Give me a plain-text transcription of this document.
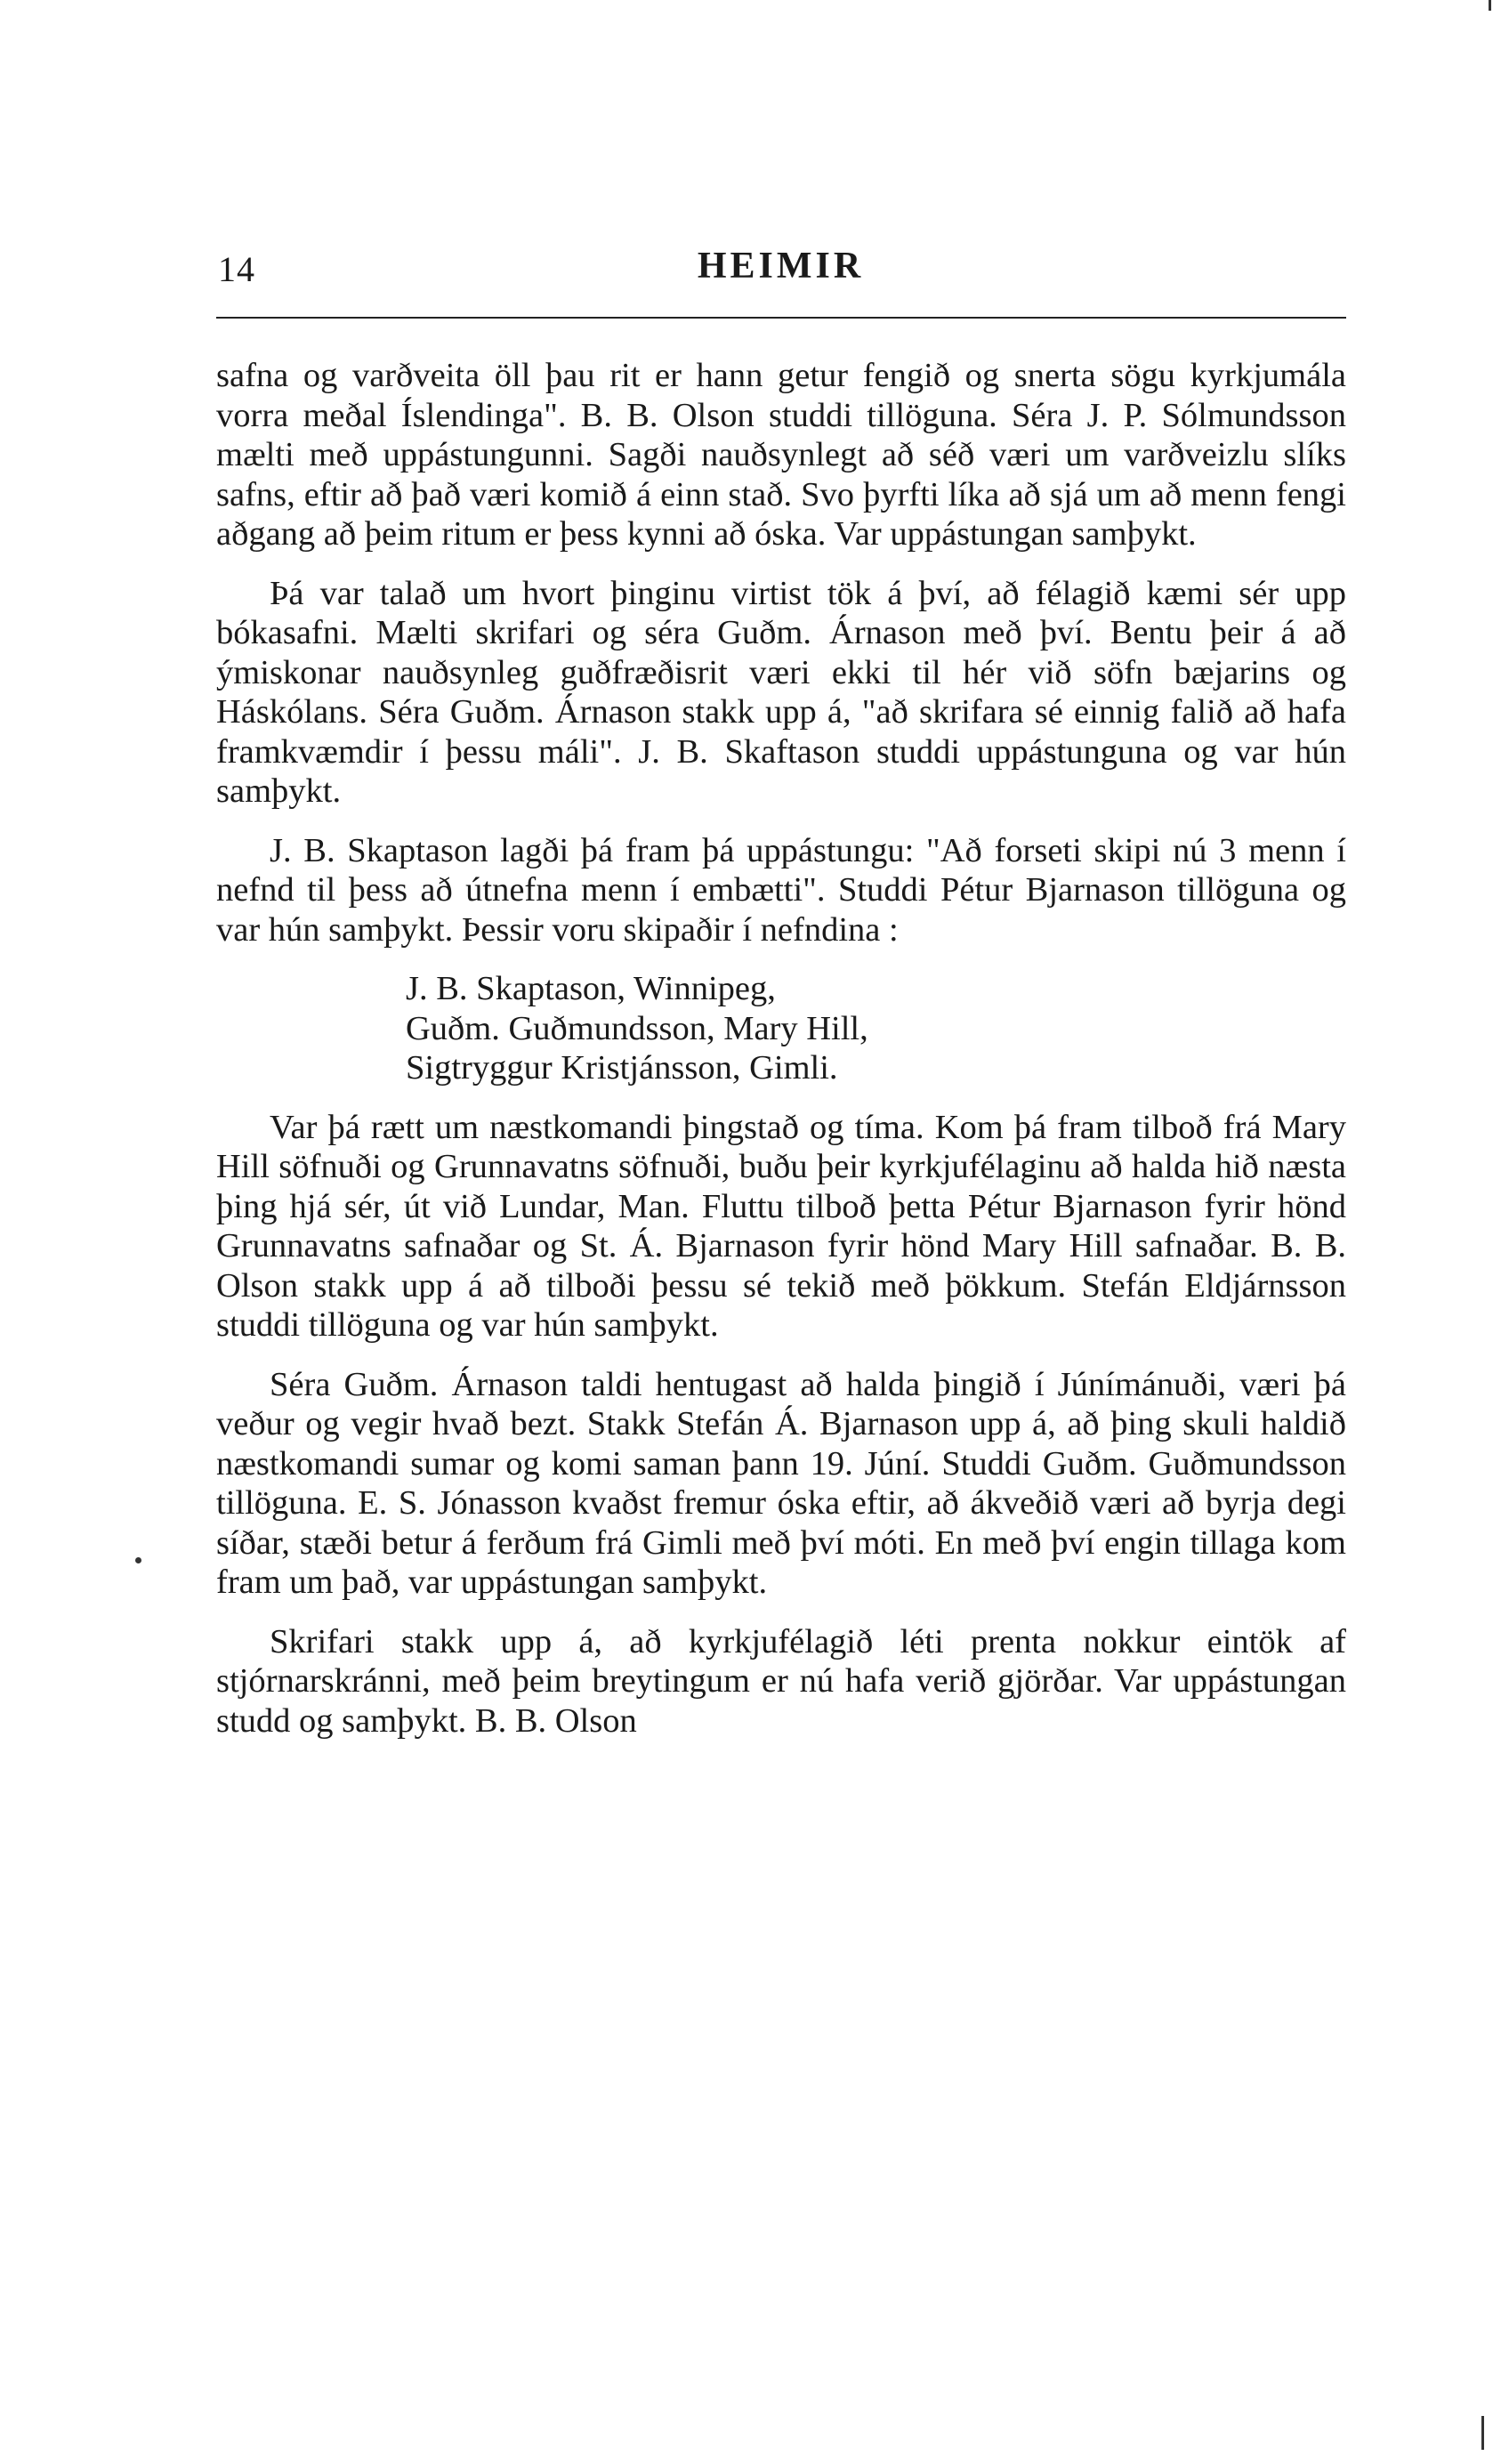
14	HEIMIR

safna og varðveita öll þau rit er hann getur fengið og snerta sögu kyrkjumála vorra meðal Íslendinga". B. B. Olson studdi tillöguna. Séra J. P. Sólmundsson mælti með uppástungunni. Sagði nauðsynlegt að séð væri um varðveizlu slíks safns, eftir að það væri komið á einn stað. Svo þyrfti líka að sjá um að menn fengi aðgang að þeim ritum er þess kynni að óska. Var uppástungan samþykt.

Þá var talað um hvort þinginu virtist tök á því, að félagið kæmi sér upp bókasafni. Mælti skrifari og séra Guðm. Árnason með því. Bentu þeir á að ýmiskonar nauðsynleg guðfræðisrit væri ekki til hér við söfn bæjarins og Háskólans. Séra Guðm. Árnason stakk upp á, "að skrifara sé einnig falið að hafa framkvæmdir í þessu máli". J. B. Skaftason studdi uppástunguna og var hún samþykt.

J. B. Skaptason lagði þá fram þá uppástungu: "Að forseti skipi nú 3 menn í nefnd til þess að útnefna menn í embætti". Studdi Pétur Bjarnason tillöguna og var hún samþykt. Þessir voru skipaðir í nefndina :

J. B. Skaptason, Winnipeg,
Guðm. Guðmundsson, Mary Hill,
Sigtryggur Kristjánsson, Gimli.

Var þá rætt um næstkomandi þingstað og tíma. Kom þá fram tilboð frá Mary Hill söfnuði og Grunnavatns söfnuði, buðu þeir kyrkjufélaginu að halda hið næsta þing hjá sér, út við Lundar, Man. Fluttu tilboð þetta Pétur Bjarnason fyrir hönd Grunnavatns safnaðar og St. Á. Bjarnason fyrir hönd Mary Hill safnaðar. B. B. Olson stakk upp á að tilboði þessu sé tekið með þökkum. Stefán Eldjárnsson studdi tillöguna og var hún samþykt.

Séra Guðm. Árnason taldi hentugast að halda þingið í Júnímánuði, væri þá veður og vegir hvað bezt. Stakk Stefán Á. Bjarnason upp á, að þing skuli haldið næstkomandi sumar og komi saman þann 19. Júní. Studdi Guðm. Guðmundsson tillöguna. E. S. Jónasson kvaðst fremur óska eftir, að ákveðið væri að byrja degi síðar, stæði betur á ferðum frá Gimli með því móti. En með því engin tillaga kom fram um það, var uppástungan samþykt.

Skrifari stakk upp á, að kyrkjufélagið léti prenta nokkur eintök af stjórnarskránni, með þeim breytingum er nú hafa verið gjörðar. Var uppástungan studd og samþykt. B. B. Olson
